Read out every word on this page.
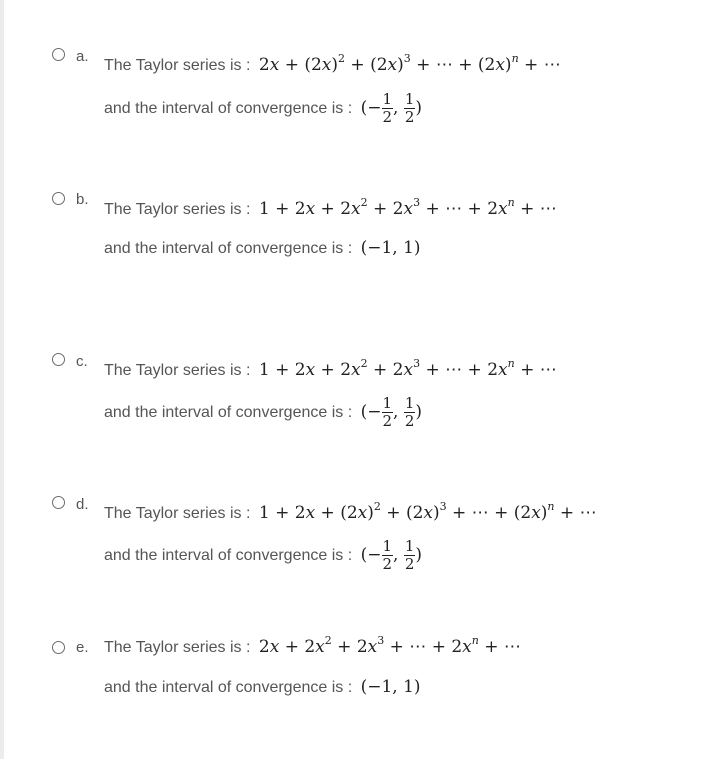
a.
The Taylor series is : $2x + (2x)^2 + (2x)^3$ + ⋯ + $(2x)^n$ + ⋯
and the interval of convergence is : (− $\frac{1}{2}$ , $\frac{1}{2}$ )
b.
The Taylor series is : $1 + 2x + 2x^2 + 2x^3$ + ⋯ + $2x^n$ + ⋯
and the interval of convergence is : (−1, 1)
c.
The Taylor series is : $1 + 2x + 2x^2 + 2x^3$ + ⋯ + $2x^n$ + ⋯
and the interval of convergence is : (− $\frac{1}{2}$ , $\frac{1}{2}$ )
d.
The Taylor series is : $1 + 2x + (2x)^2 + (2x)^3$ + ⋯ + $(2x)^n$ + ⋯
and the interval of convergence is : (− $\frac{1}{2}$ , $\frac{1}{2}$ )
e. The Taylor series is : $2x + 2x^2 + 2x^3$ + ⋯ + $2x^n$ + ⋯
and the interval of convergence is : (−1, 1)
